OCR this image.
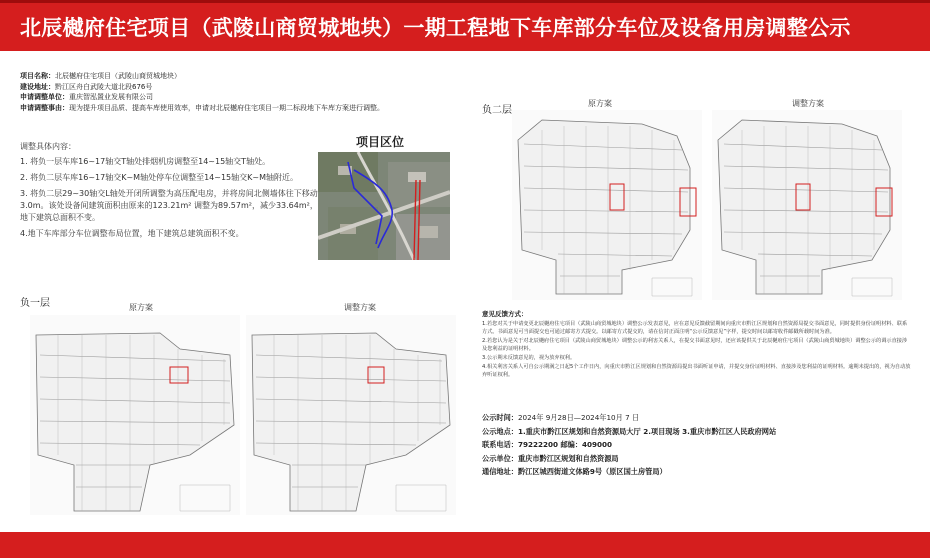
北辰樾府住宅项目（武陵山商贸城地块）一期工程地下车库部分车位及设备用房调整公示
项目名称：北辰樾府住宅项目（武陵山商贸城地块）
建设地址：黔江区舟白武陵大道北段676号
申请调整单位：重庆智泓置业发展有限公司
申请调整事由：现为提升项目品质、提高车库使用效率，申请对北辰樾府住宅项目一期二标段地下车库方案进行调整。
调整具体内容：

1. 将负一层车库16~17轴交T轴处排烟机房调整至14~15轴交T轴处。

2. 将负二层车库16~17轴交K~M轴处停车位调整至14~15轴交K~M轴附近。

3. 将负二层29~30轴交L轴处开闭所调整为高压配电房，并将房间北侧墙体往下移动3.0m。该处设备间建筑面积由原来的123.21m² 调整为89.57m²，减少33.64m²，地下建筑总面积不变。

4.地下车库部分车位调整布局位置，地下建筑总建筑面积不变。

项目区位
负二层
原方案	调整方案
负一层	原方案	调整方案
意见反馈方式：

1.若您对关于申请变更北辰樾府住宅项目（武陵山商贸城地块）调整公示发表意见，应在意见反馈截留期间向重庆市黔江区规划和自然资源局提交书面意见，同时提供身份证明材料、联系方式。书面意见可当面提交也可通过邮寄方式提交。以邮寄方式提交的，请在信封正面注明“公示反馈意见”字样，提交时间以邮寄收件邮戳所载时间为准。

2.若您认为是关于对北辰樾府住宅项目（武陵山商贸城地块）调整公示的利害关系人，在提交书面意见时，还应该提供关于北辰樾府住宅项目（武陵山商贸城地块）调整公示的调示直接涉及您利益的证明材料。

3.公示期未反馈意见的，视为放弃权利。

4.相关利害关系人可自公示期满之日起5个工作日内，向重庆市黔江区规划和自然资源局提出书面听证申请，并提交身份证明材料、直接涉及您利益的证明材料。逾期未提出的，视为自动放弃听证权利。

公示时间：2024年 9月28日—2024年10月 7 日
公示地点：1.重庆市黔江区规划和自然资源局大厅 2.项目现场 3.重庆市黔江区人民政府网站
联系电话：79222200 邮编：409000
公示单位：重庆市黔江区规划和自然资源局
通信地址：黔江区城西街道文体路9号（原区国土房管局）
